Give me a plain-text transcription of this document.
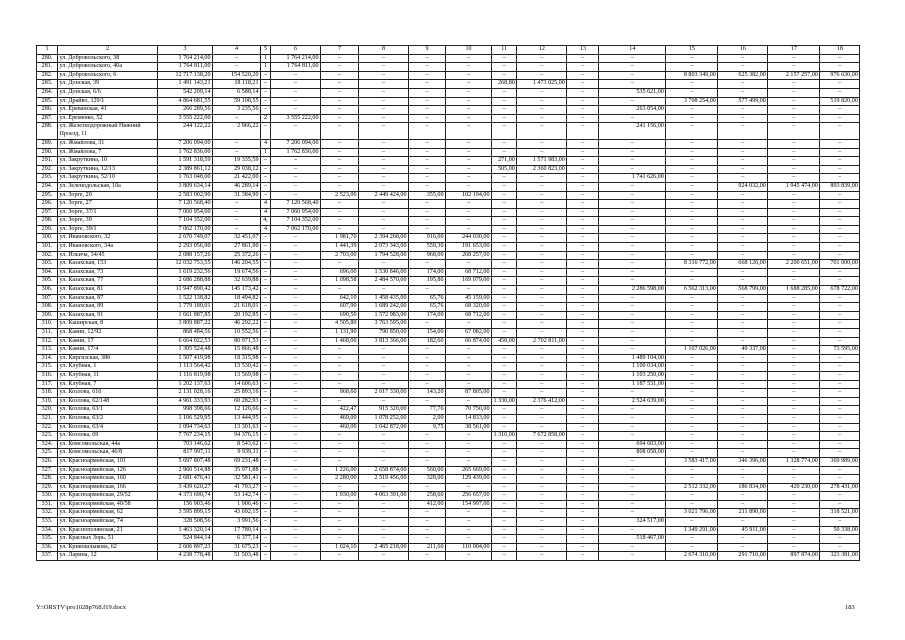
1	2	3	4	5	6	7	8	9	10	11	12	13	14	15	16	17	18
280.	ул. Добровольского, 38	1 764 214,00	–	1	1 764 214,00	–	–	–	–	–	–	–	–	–	–	–	–
281.	ул. Добровольского, 40а	1 764 811,00	–	1	1 764 811,00	–	–	–	–	–	–	–	–	–	–	–	–
282.	ул. Добровольского, 6	12 717 138,20	154 520,20	–	–	–	–	–	–	–	–	–	–	8 803 349,00	625 382,00	2 157 257,00	976 630,00
283.	ул. Донская, 39	1 491 143,21	18 118,21	–	–	–	–	–	–	268,80	1 473 025,00	–	–	–	–	–	–
284.	ул. Донская, 6/6	542 209,14	6 588,14	–	–	–	–	–	–	–	–	–	535 621,00	–	–	–	–
285.	ул. Драйво, 129/1	4 864 681,55	59 108,55	–	–	–	–	–	–	–	–	–	–	3 708 254,00	577 499,00	–	519 820,00
286.	ул. Ереванская, 41	266 289,56	3 235,56	–	–	–	–	–	–	–	–	–	263 054,00	–	–	–	–
287.	ул. Еременко, 52	3 555 222,00	–	2	3 555 222,00	–	–	–	–	–	–	–	–	–	–	–	–
288.	ул. Железнодорожный Нижний Проезд, 11	244 122,22	2 966,22	–	–	–	–	–	–	–	–	–	241 156,00	–	–	–	–
289.	ул. Жмайлова, 31	7 206 094,00	–	4	7 206 094,00	–	–	–	–	–	–	–	–	–	–	–	–
290.	ул. Жмайлова, 7	1 762 836,00	–	1	1 762 836,00	–	–	–	–	–	–	–	–	–	–	–	–
291.	ул. Закруткина, 10	1 591 318,59	19 335,59	–	–	–	–	–	–	271,00	1 571 983,00	–	–	–	–	–	–
292.	ул. Закруткина, 12/13	2 389 861,12	29 038,12	–	–	–	–	–	–	505,00	2 360 823,00	–	–	–	–	–	–
293.	ул. Закруткина, 52/10	1 763 048,00	21 422,00	–	–	–	–	–	–	–	–	–	1 741 626,00	–	–	–	–
294.	ул. Зеленодольская, 10а	3 809 634,14	46 289,14	–	–	–	–	–	–	–	–	–	–	–	924 032,00	1 945 474,00	893 839,00
295.	ул. Зорге, 20	2 583 002,90	31 384,90	–	–	2 523,00	2 449 424,00	355,00	102 194,00	–	–	–	–	–	–	–	–
296.	ул. Зорге, 27	7 120 568,40	–	4	7 120 568,40	–	–	–	–	–	–	–	–	–	–	–	–
297.	ул. Зорге, 37/1	7 060 954,00	–	4	7 060 954,00	–	–	–	–	–	–	–	–	–	–	–	–
298.	ул. Зорге, 39	7 104 352,00	–	4,	7 104 352,00	–	–	–	–	–	–	–	–	–	–	–	–
299.	ул. Зорге, 39/1	7 062 170,00	–	4	7 062 170,00	–	–	–	–	–	–	–	–	–	–	–	–
300.	ул. Ивановского, 32	2 670 749,07	32 451,07	–	–	1 981,70	2 394 268,00	916,00	244 030,00	–	–	–	–	–	–	–	–
301.	ул. Ивановского, 34а	2 293 056,90	27 861,90	–	–	1 441,39	2 073 343,00	559,30	191 653,00	–	–	–	–	–	–	–	–
302.	ул. Ильича, 34/45	2 088 157,26	25 372,26	–	–	2 703,00	1 794 528,00	968,00	268 257,00	–	–	–	–	–	–	–	–
303.	ул. Казахская, 153	12 032 753,55	146 204,55	–	–	–	–	–	–	–	–	–	–	8 316 772,00	668 126,00	2 200 651,00	701 000,00
304.	ул. Казахская, 73	1 619 232,56	19 674,56	–	–	696,00	1 530 846,00	174,00	68 712,00	–	–	–	–	–	–	–	–
305.	ул. Казахская, 77	2 686 288,88	32 639,88	–	–	1 098,58	2 484 570,00	195,80	169 079,00	–	–	–	–	–	–	–	–
306.	ул. Казахская, 81	11 947 890,42	145 173,42	–	–	–	–	–	–	–	–	–	2 286 598,00	6 562 313,00	568 799,00	1 688 285,00	678 722,00
307.	ул. Казахская, 87	1 522 138,82	18 494,82	–	–	642,10	1 458 435,00	65,76	45 159,00	–	–	–	–	–	–	–	–
308.	ул. Казахская, 89	1 779 180,01	21 618,01	–	–	607,90	1 689 242,00	65,76	68 320,00	–	–	–	–	–	–	–	–
309.	ул. Казахская, 91	1 661 887,85	20 192,85	–	–	690,50	1 572 983,00	174,00	68 712,00	–	–	–	–	–	–	–	–
310.	ул. Каширская, 8	3 809 887,22	46 292,22	–	–	4 505,80	3 763 595,00	–	–	–	–	–	–	–	–	–	–
311.	ул. Каяни, 12/92	868 484,56	10 552,56	–	–	1 131,90	790 850,00	154,00	67 082,00	–	–	–	–	–	–	–	–
312.	ул. Каяни, 17	6 664 022,53	80 971,53	–	–	1 468,00	3 813 366,00	182,60	66 874,00	458,00	2 702 811,00	–	–	–	–	–	–
313.	ул. Каяни, 17/4	1 305 524,48	15 866,48	–	–	–	–	–	–	–	–	–	–	1 167 026,00	49 337,00	–	73 595,00
314.	ул. Киргизская, 38б	1 507 419,98	18 315,98	–	–	–	–	–	–	–	–	–	1 489 104,00	–	–	–	–
315.	ул. Клубная, 1	1 113 564,42	13 530,42	–	–	–	–	–	–	–	–	–	1 100 034,00	–	–	–	–
316.	ул. Клубная, 11	1 116 819,98	13 569,98	–	–	–	–	–	–	–	–	–	1 103 250,00	–	–	–	–
317.	ул. Клубная, 7	1 202 137,63	14 606,63	–	–	–	–	–	–	–	–	–	1 187 531,00	–	–	–	–
318.	ул. Козлова, 61б	2 131 028,16	25 893,16	–	–	968,60	2 017 330,00	143,20	87 805,00	–	–	–	–	–	–	–	–
319.	ул. Козлова, 62/148	4 961 333,93	60 282,93	–	–	–	–	–	–	1 330,00	2 376 412,00	–	2 524 639,00	–	–	–	–
320.	ул. Козлова, 63/1	998 398,66	12 126,66	–	–	422,47	915 320,00	77,76	70 750,00	–	–	–	–	–	–	–	–
321.	ул. Козлова, 63/2	1 106 529,95	13 444,95	–	–	469,00	1 078 252,00	2,00	14 833,00	–	–	–	–	–	–	–	–
322.	ул. Козлова, 63/4	1 094 734,63	13 301,63	–	–	460,00	1 042 872,00	9,75	38 561,00	–	–	–	–	–	–	–	–
323.	ул. Козлова, 69	7 767 234,15	94 376,15	–	–	–	–	–	–	1 310,00	7 672 858,00	–	–	–	–	–	–
324.	ул. Комсомольская, 44а	703 146,62	8 543,62	–	–	–	–	–	–	–	–	–	694 603,00	–	–	–	–
325.	ул. Комсомольская, 46/8	817 997,11	9 939,11	–	–	–	–	–	–	–	–	–	808 058,00	–	–	–	–
326.	ул. Красноармейская, 101	5 697 807,48	69 231,48	–	–	–	–	–	–	–	–	–	–	3 583 417,00	346 396,00	1 328 774,00	369 989,00
327.	ул. Красноармейская, 126	2 960 514,88	35 971,88	–	–	1 226,00	2 658 874,00	560,00	265 669,00	–	–	–	–	–	–	–	–
328.	ул. Красноармейская, 160	2 681 476,41	32 581,41	–	–	2 280,00	2 519 456,00	328,00	129 439,00	–	–	–	–	–	–	–	–
329.	ул. Красноармейская, 166	3 439 620,27	41 793,27	–	–	–	–	–	–	–	–	–	–	2 512 332,00	186 834,00	420 230,00	278 431,00
330.	ул. Красноармейская, 29/52	4 373 690,74	53 142,74	–	–	1 930,00	4 063 391,00	258,60	256 657,00	–	–	–	–	–	–	–	–
331.	ул. Красноармейская, 40/58	156 903,46	1 906,46	–	–	–	–	412,00	154 997,00	–	–	–	–	–	–	–	–
332.	ул. Красноармейская, 62	3 595 899,15	43 692,15	–	–	–	–	–	–	–	–	–	–	3 021 796,00	211 890,00	–	318 521,00
333.	ул. Красноармейская, 74	328 508,56	3 991,56	–	–	–	–	–	–	–	–	–	324 517,00	–	–	–	–
334.	ул. Краснополянская, 21	1 463 320,14	17 780,14	–	–	–	–	–	–	–	–	–	–	1 349 291,00	45 911,00	–	50 338,00
335.	ул. Красных Зорь, 51	524 844,14	6 377,14	–	–	–	–	–	–	–	–	–	518 467,00	–	–	–	–
336.	ул. Кривошлыкова, 62	2 606 897,23	31 675,23	–	–	1 024,10	2 465 218,00	211,60	110 004,00	–	–	–	–	–	–	–	–
337.	ул. Ларина, 12	4 238 778,48	51 503,48	–	–	–	–	–	–	–	–	–	–	2 674 310,00	291 710,00	897 874,00	323 381,00
Y:\ORSTV\pro1028p768.f19.docx	183
